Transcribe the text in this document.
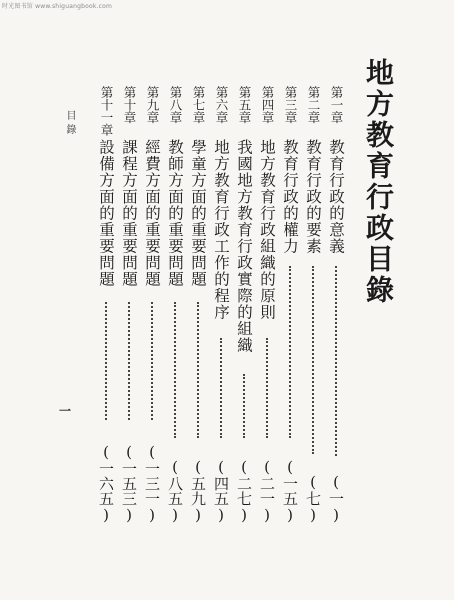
时光图书馆 www.shiguangbook.com
地方教育行政目錄
第一章
教育行政的意義
(一)
第二章
教育行政的要素
(七)
第三章
教育行政的權力
(一五)
第四章
地方教育行政組織的原則
(二一)
第五章
我國地方教育行政實際的組織
(二七)
第六章
地方教育行政工作的程序
(四五)
第七章
學童方面的重要問題
(五九)
第八章
教師方面的重要問題
(八五)
第九章
經費方面的重要問題
(一三一)
第十章
課程方面的重要問題
(一五三)
第十一章
設備方面的重要問題
(一六五)
目錄
一
